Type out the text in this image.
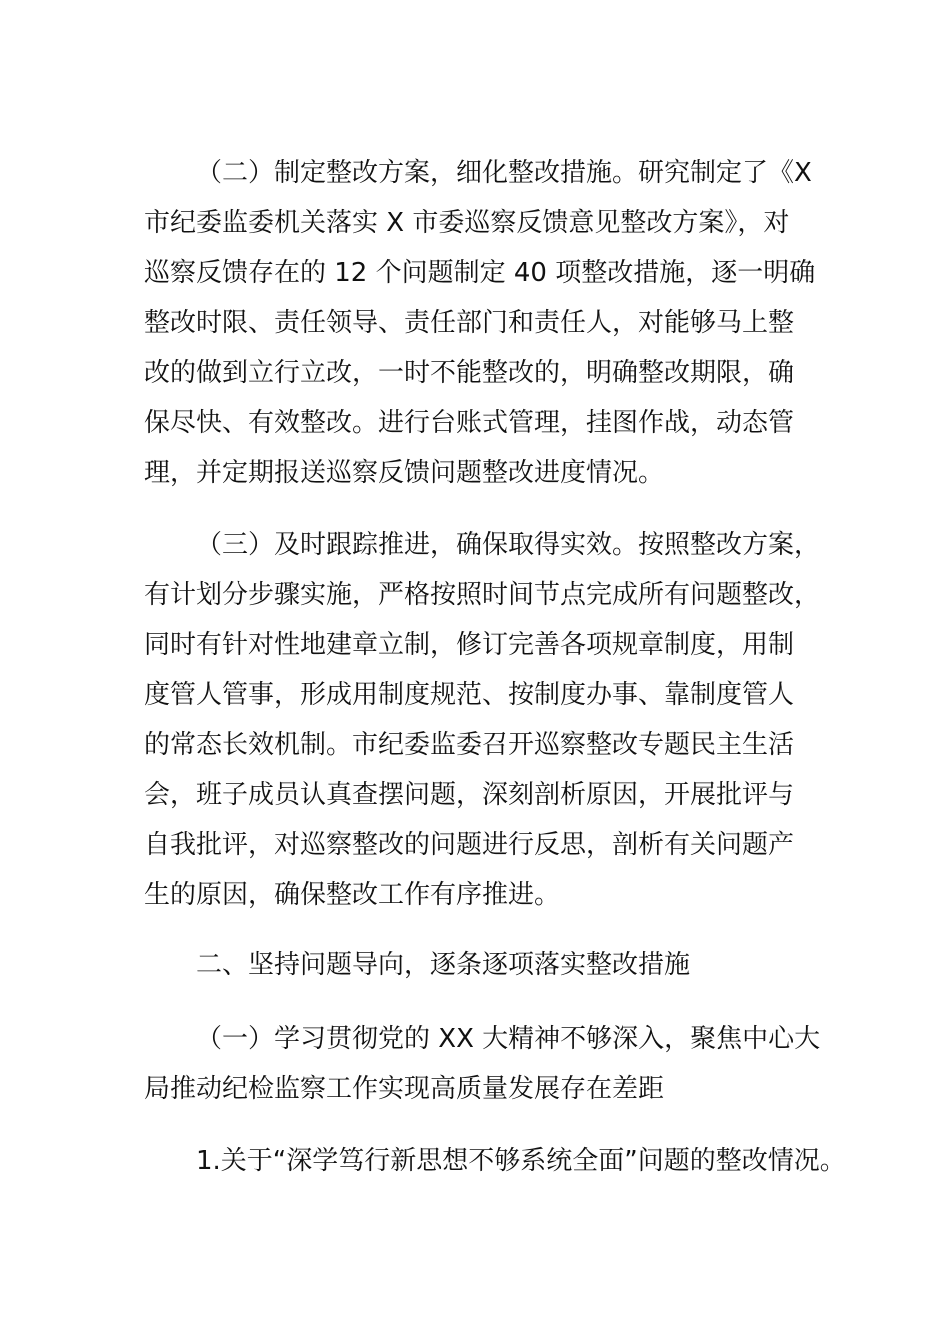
（二）制定整改方案，细化整改措施。研究制定了《X
市纪委监委机关落实 X 市委巡察反馈意见整改方案》，对
巡察反馈存在的 12 个问题制定 40 项整改措施，逐一明确
整改时限、责任领导、责任部门和责任人，对能够马上整
改的做到立行立改，一时不能整改的，明确整改期限，确
保尽快、有效整改。进行台账式管理，挂图作战，动态管
理，并定期报送巡察反馈问题整改进度情况。
（三）及时跟踪推进，确保取得实效。按照整改方案，
有计划分步骤实施，严格按照时间节点完成所有问题整改，
同时有针对性地建章立制，修订完善各项规章制度，用制
度管人管事，形成用制度规范、按制度办事、靠制度管人
的常态长效机制。市纪委监委召开巡察整改专题民主生活
会，班子成员认真查摆问题，深刻剖析原因，开展批评与
自我批评，对巡察整改的问题进行反思，剖析有关问题产
生的原因，确保整改工作有序推进。
二、坚持问题导向，逐条逐项落实整改措施
（一）学习贯彻党的 XX 大精神不够深入，聚焦中心大
局推动纪检监察工作实现高质量发展存在差距
1.关于“深学笃行新思想不够系统全面”问题的整改情况。
